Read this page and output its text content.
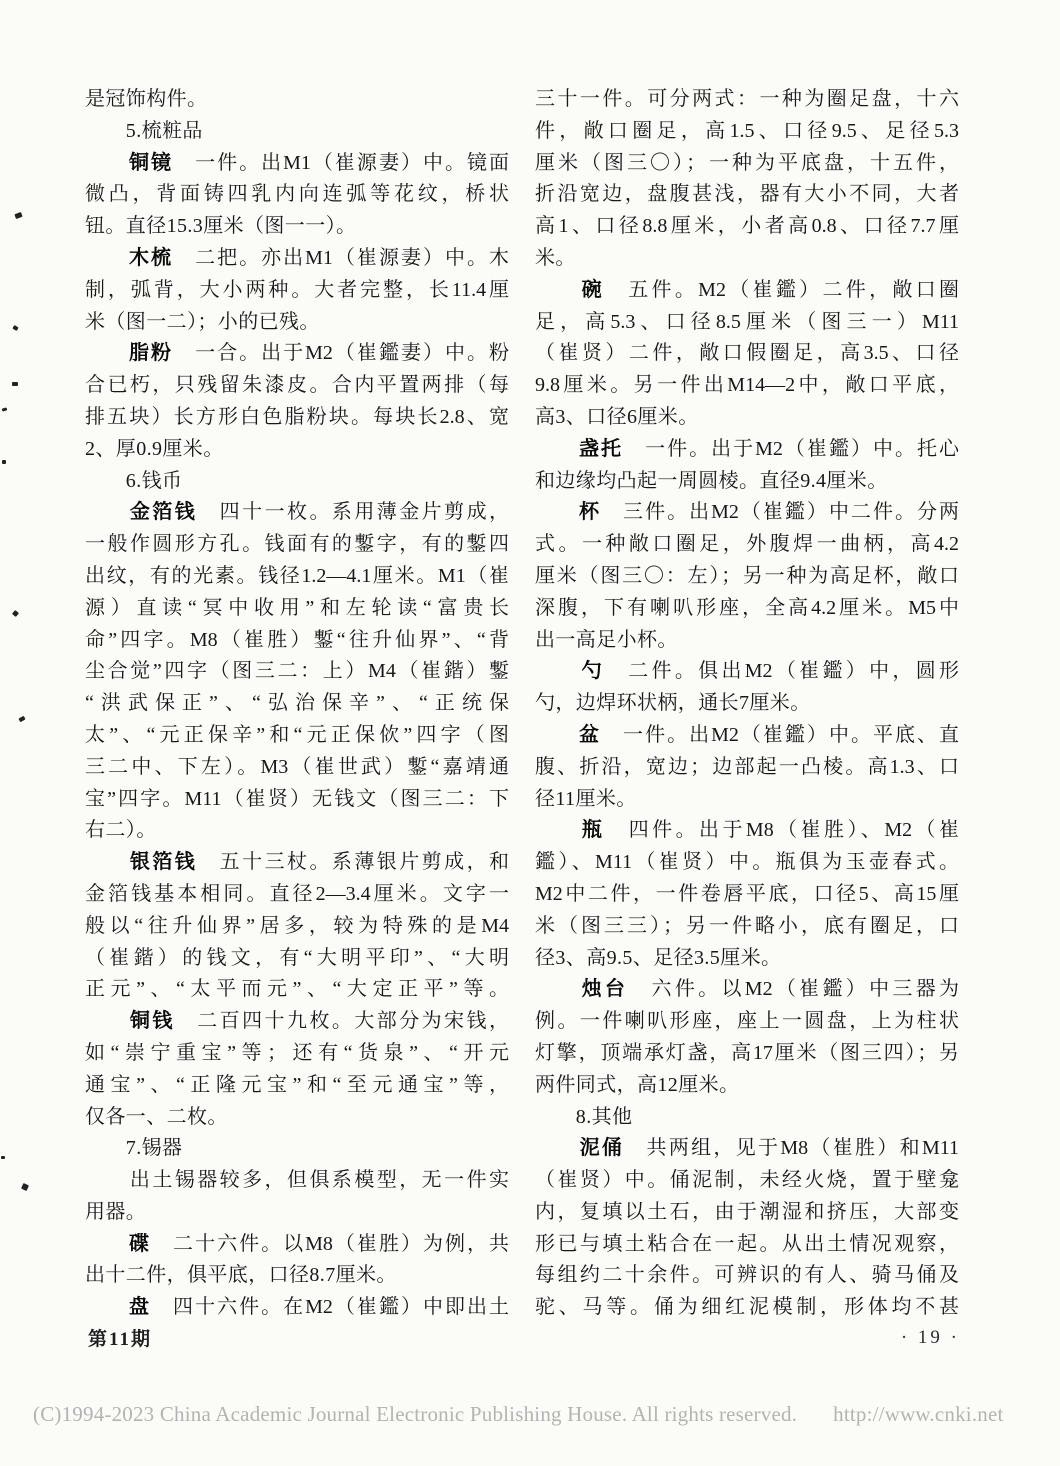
是冠饰构件。
　　5.梳粧品
　　铜镜　一件。出M1（崔源妻）中。镜面
微凸，背面铸四乳内向连弧等花纹，桥状
钮。直径15.3厘米（图一一）。
　　木梳　二把。亦出M1（崔源妻）中。木
制，弧背，大小两种。大者完整，长11.4厘
米（图一二）；小的已残。
　　脂粉　一合。出于M2（崔鑑妻）中。粉
合已朽，只残留朱漆皮。合内平置两排（每
排五块）长方形白色脂粉块。每块长2.8、宽
2、厚0.9厘米。
　　6.钱币
　　金箔钱　四十一枚。系用薄金片剪成，
一般作圆形方孔。钱面有的鏨字，有的鏨四
出纹，有的光素。钱径1.2—4.1厘米。M1（崔
源）直读“冥中收用”和左轮读“富贵长
命”四字。M8（崔胜）鏨“往升仙界”、“背
尘合觉”四字（图三二：上）M4（崔鍇）鏨
“洪武保正”、“弘治保辛”、“正统保
太”、“元正保辛”和“元正保佽”四字（图
三二中、下左）。M3（崔世武）鏨“嘉靖通
宝”四字。M11（崔贤）无钱文（图三二：下
右二）。
　　银箔钱　五十三杖。系薄银片剪成，和
金箔钱基本相同。直径2—3.4厘米。文字一
般以“往升仙界”居多，较为特殊的是M4
（崔鍇）的钱文，有“大明平印”、“大明
正元”、“太平而元”、“大定正平”等。
　　铜钱　二百四十九枚。大部分为宋钱，
如“崇宁重宝”等；还有“货泉”、“开元
通宝”、“正隆元宝”和“至元通宝”等，
仅各一、二枚。
　　7.锡器
　　出土锡器较多，但俱系模型，无一件实
用器。
　　碟　二十六件。以M8（崔胜）为例，共
出十二件，俱平底，口径8.7厘米。
　　盘　四十六件。在M2（崔鑑）中即出土
三十一件。可分两式：一种为圈足盘，十六
件，敞口圈足，高1.5、口径9.5、足径5.3
厘米（图三〇）；一种为平底盘，十五件，
折沿宽边，盘腹甚浅，器有大小不同，大者
高1、口径8.8厘米，小者高0.8、口径7.7厘
米。
　　碗　五件。M2（崔鑑）二件，敞口圈
足，高5.3、口径8.5厘米（图三一）M11
（崔贤）二件，敞口假圈足，高3.5、口径
9.8厘米。另一件出M14—2中，敞口平底，
高3、口径6厘米。
　　盏托　一件。出于M2（崔鑑）中。托心
和边缘均凸起一周圆棱。直径9.4厘米。
　　杯　三件。出M2（崔鑑）中二件。分两
式。一种敞口圈足，外腹焊一曲柄，高4.2
厘米（图三〇：左）；另一种为高足杯，敞口
深腹，下有喇叭形座，全高4.2厘米。M5中
出一高足小杯。
　　勺　二件。俱出M2（崔鑑）中，圆形
勺，边焊环状柄，通长7厘米。
　　盆　一件。出M2（崔鑑）中。平底、直
腹、折沿，宽边；边部起一凸棱。高1.3、口
径11厘米。
　　瓶　四件。出于M8（崔胜）、M2（崔
鑑）、M11（崔贤）中。瓶俱为玉壶春式。
M2中二件，一件卷唇平底，口径5、高15厘
米（图三三）；另一件略小，底有圈足，口
径3、高9.5、足径3.5厘米。
　　烛台　六件。以M2（崔鑑）中三器为
例。一件喇叭形座，座上一圆盘，上为柱状
灯擎，顶端承灯盏，高17厘米（图三四）；另
两件同式，高12厘米。
　　8.其他
　　泥俑　共两组，见于M8（崔胜）和M11
（崔贤）中。俑泥制，未经火烧，置于壁龛
内，复填以土石，由于潮湿和挤压，大部变
形已与填土粘合在一起。从出土情况观察，
每组约二十余件。可辨识的有人、骑马俑及
驼、马等。俑为细红泥模制，形体均不甚
第11期	· 19 ·
(C)1994-2023 China Academic Journal Electronic Publishing House. All rights reserved. http://www.cnki.net
